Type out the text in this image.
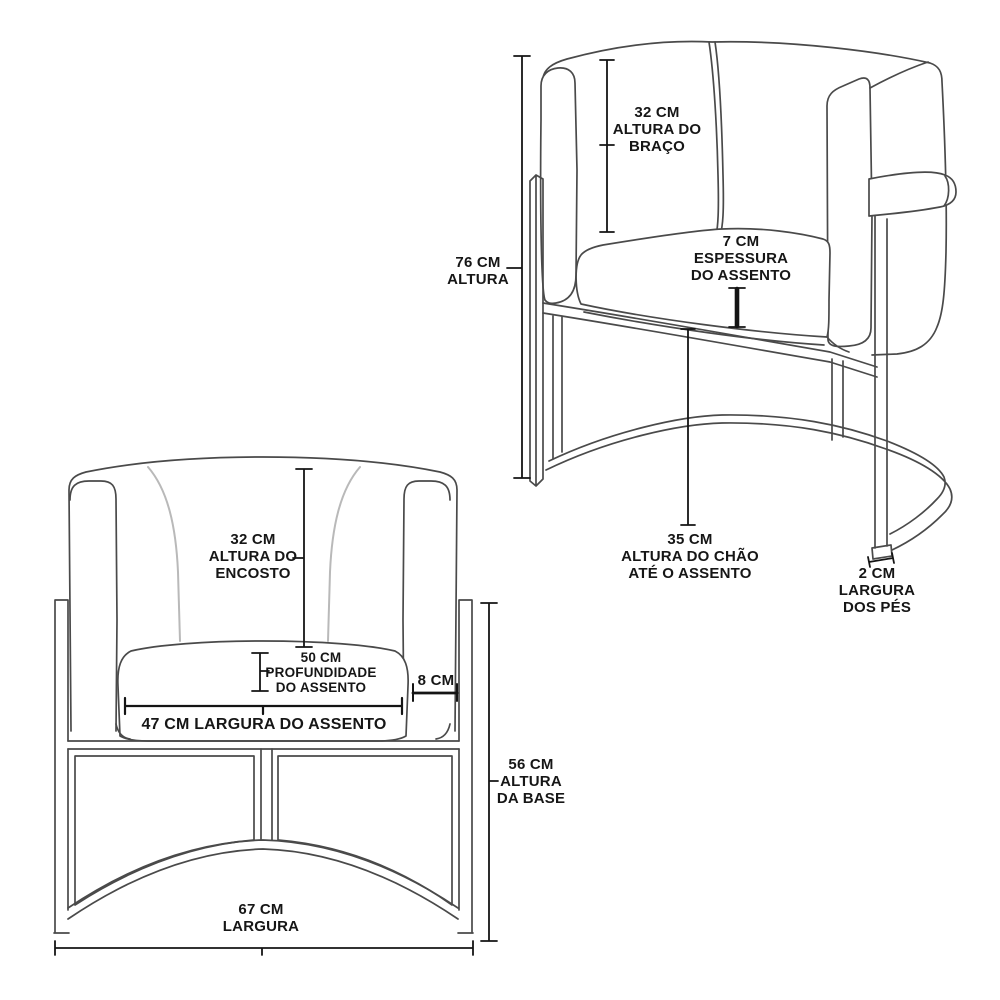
32 CM
ALTURA DO
BRAÇO
7 CM
ESPESSURA
DO ASSENTO
76 CM
ALTURA
35 CM
ALTURA DO CHÃO
ATÉ O ASSENTO	2 CM
LARGURA
DOS PÉS
32 CM
ALTURA DO
ENCOSTO
50 CM
PROFUNDIDADE
DO ASSENTO
47 CM LARGURA DO ASSENTO
8 CM
56 CM
ALTURA
DA BASE
67 CM
LARGURA
